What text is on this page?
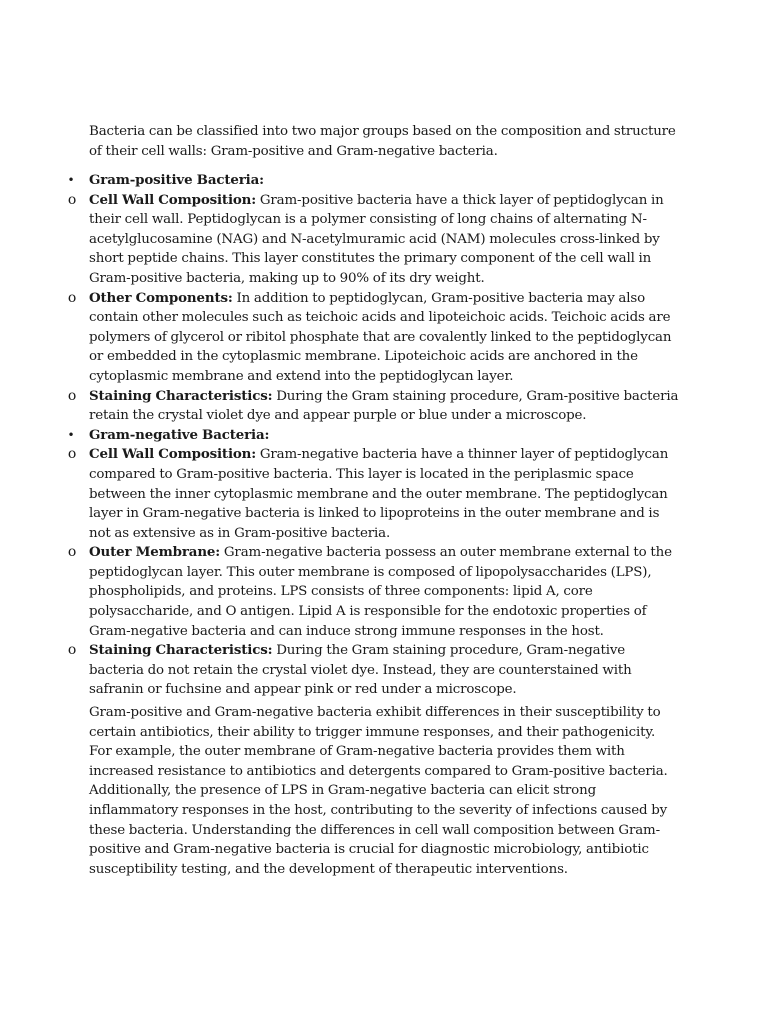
Bacteria can be classified into two major groups based on the composition and structure of their cell walls: Gram-positive and Gram-negative bacteria.

• Gram-positive Bacteria:
o Cell Wall Composition: Gram-positive bacteria have a thick layer of peptidoglycan in their cell wall. Peptidoglycan is a polymer consisting of long chains of alternating N-acetylglucosamine (NAG) and N-acetylmuramic acid (NAM) molecules cross-linked by short peptide chains. This layer constitutes the primary component of the cell wall in Gram-positive bacteria, making up to 90% of its dry weight.
o Other Components: In addition to peptidoglycan, Gram-positive bacteria may also contain other molecules such as teichoic acids and lipoteichoic acids. Teichoic acids are polymers of glycerol or ribitol phosphate that are covalently linked to the peptidoglycan or embedded in the cytoplasmic membrane. Lipoteichoic acids are anchored in the cytoplasmic membrane and extend into the peptidoglycan layer.
o Staining Characteristics: During the Gram staining procedure, Gram-positive bacteria retain the crystal violet dye and appear purple or blue under a microscope.
• Gram-negative Bacteria:
o Cell Wall Composition: Gram-negative bacteria have a thinner layer of peptidoglycan compared to Gram-positive bacteria. This layer is located in the periplasmic space between the inner cytoplasmic membrane and the outer membrane. The peptidoglycan layer in Gram-negative bacteria is linked to lipoproteins in the outer membrane and is not as extensive as in Gram-positive bacteria.
o Outer Membrane: Gram-negative bacteria possess an outer membrane external to the peptidoglycan layer. This outer membrane is composed of lipopolysaccharides (LPS), phospholipids, and proteins. LPS consists of three components: lipid A, core polysaccharide, and O antigen. Lipid A is responsible for the endotoxic properties of Gram-negative bacteria and can induce strong immune responses in the host.
o Staining Characteristics: During the Gram staining procedure, Gram-negative bacteria do not retain the crystal violet dye. Instead, they are counterstained with safranin or fuchsine and appear pink or red under a microscope.

Gram-positive and Gram-negative bacteria exhibit differences in their susceptibility to certain antibiotics, their ability to trigger immune responses, and their pathogenicity. For example, the outer membrane of Gram-negative bacteria provides them with increased resistance to antibiotics and detergents compared to Gram-positive bacteria. Additionally, the presence of LPS in Gram-negative bacteria can elicit strong inflammatory responses in the host, contributing to the severity of infections caused by these bacteria. Understanding the differences in cell wall composition between Gram-positive and Gram-negative bacteria is crucial for diagnostic microbiology, antibiotic susceptibility testing, and the development of therapeutic interventions.
